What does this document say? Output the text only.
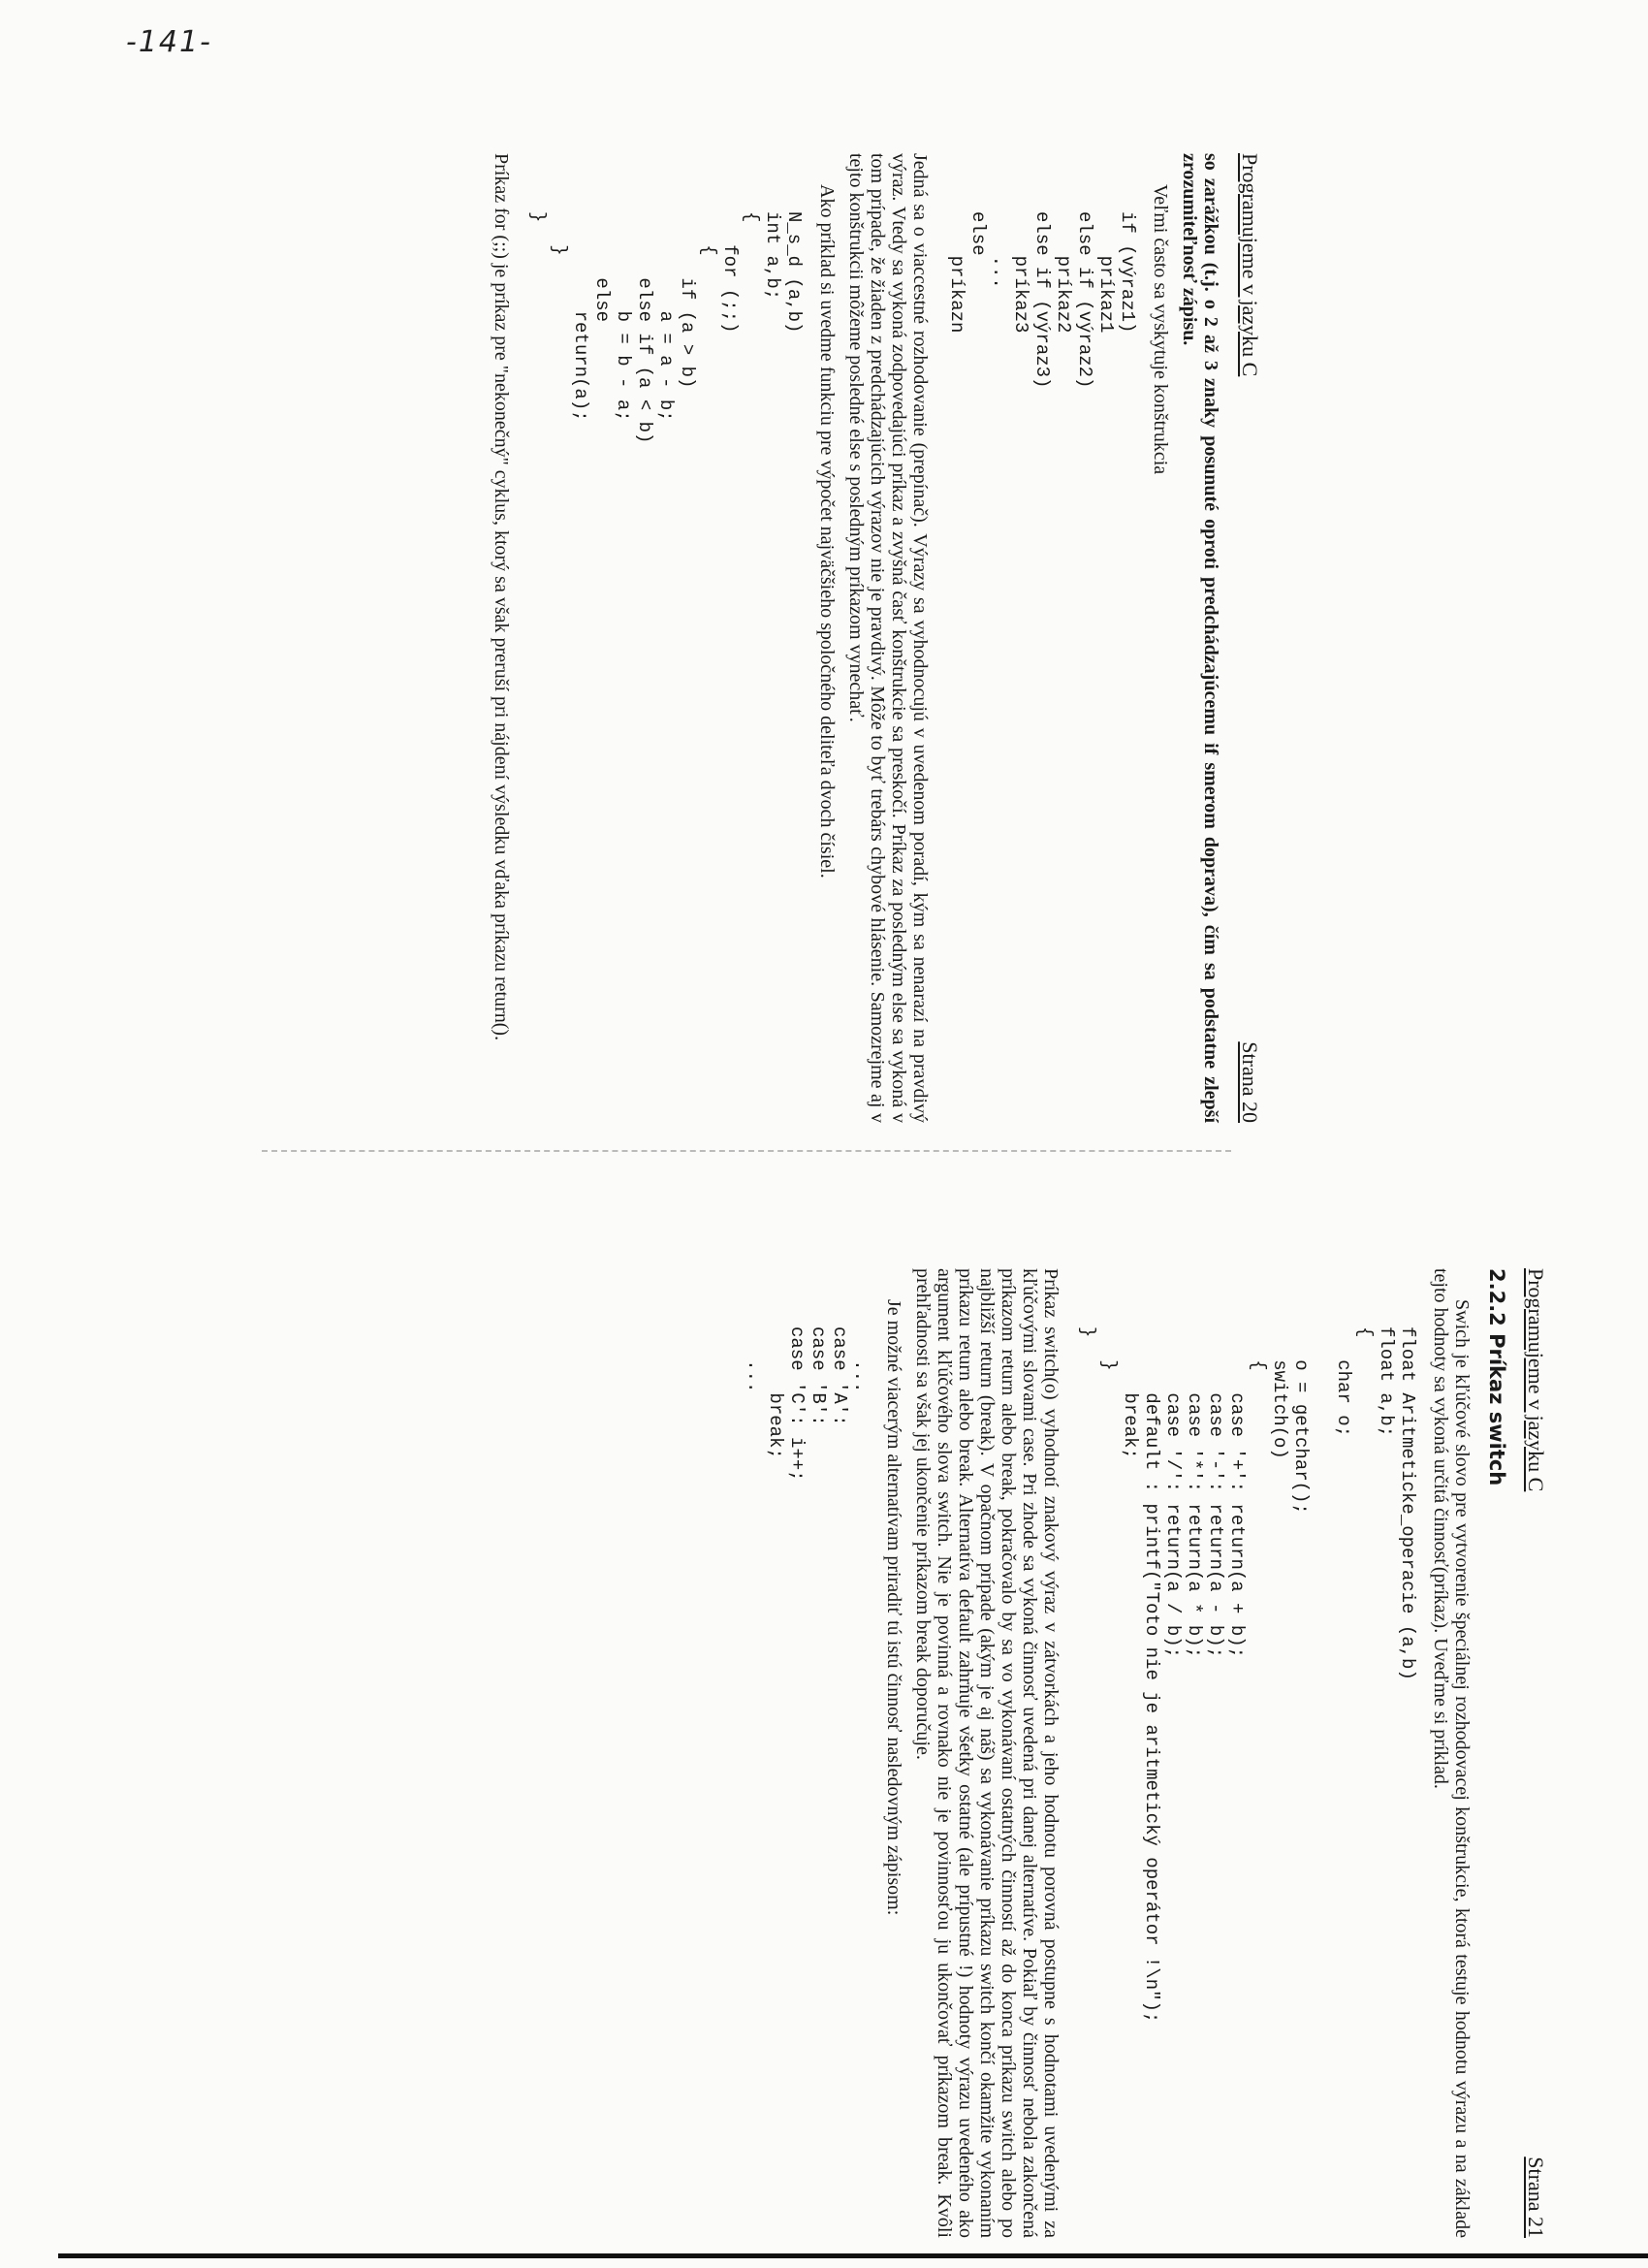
-141-
Programujeme v jazyku C
Strana 20

so zarážkou (t.j. o 2 až 3 znaky posunuté oproti predchádzajúcemu if smerom doprava), čím sa podstatne zlepší zrozumiteľnosť zápisu.

Veľmi často sa vyskytuje konštrukcia

if (výraz1)
príkaz1
else if (výraz2)
príkaz2
else if (výraz3)
príkaz3
...
else
príkazn

Jedná sa o viaccestné rozhodovanie (prepínač). Výrazy sa vyhodnocujú v uvedenom poradí, kým sa nenarazí na pravdivý výraz. Vtedy sa vykoná zodpovedajúci príkaz a zvyšná časť konštrukcie sa preskočí. Príkaz za posledným else sa vykoná v tom prípade, že žiaden z predchádzajúcich výrazov nie je pravdivý. Môže to byť trebárs chybové hlásenie. Samozrejme aj v tejto konštrukcii môžeme posledné else s posledným príkazom vynechať.

Ako príklad si uvedme funkciu pre výpočet najväčšieho spoločného deliteľa dvoch čísiel.

N_s_d (a,b)
int a,b;
{
for (;;)
{
if (a > b)
a = a - b;
else if (a < b)
b = b - a;
else
return(a);
}
}

Príkaz for (;;) je príkaz pre "nekonečný" cyklus, ktorý sa však preruší pri nájdení výsledku vďaka príkazu return().

Programujeme v jazyku C
Strana 21
2.2.2 Príkaz switch

Swich je kľúčové slovo pre vytvorenie špeciálnej rozhodovacej konštrukcie, ktorá testuje hodnotu výrazu a na základe tejto hodnoty sa vykoná určitá činnosť(príkaz). Uveďme si príklad.

float Aritmeticke_operacie (a,b)
float a,b;
{
char o;

o = getchar();
switch(o)
{
case '+': return(a + b);
case '-': return(a - b);
case '*': return(a * b);
case '/': return(a / b);
default : printf("Toto nie je aritmetický operátor !\n");
break;
}
}

Príkaz switch(o) vyhodnotí znakový výraz v zátvorkách a jeho hodnotu porovná postupne s hodnotami uvedenými za kľúčovými slovami case. Pri zhode sa vykoná činnosť uvedená pri danej alternatíve. Pokiaľ by činnosť nebola zakončená príkazom return alebo break, pokračovalo by sa vo vykonávaní ostatných činností až do konca príkazu switch alebo po najbližší return (break). V opačnom prípade (akým je aj náš) sa vykonávanie príkazu switch končí okamžite vykonaním príkazu return alebo break. Alternatíva default zahrňuje všetky ostatné (ale prípustné !) hodnoty výrazu uvedeného ako argument kľúčového slova switch. Nie je povinná a rovnako nie je povinnosťou ju ukončovať príkazom break. Kvôli prehľadnosti sa však jej ukončenie príkazom break doporučuje.

Je možné viacerým alternatívam priradiť tú istú činnosť nasledovným zápisom:

...
case 'A':
case 'B':
case 'C': i++;
break;
...
